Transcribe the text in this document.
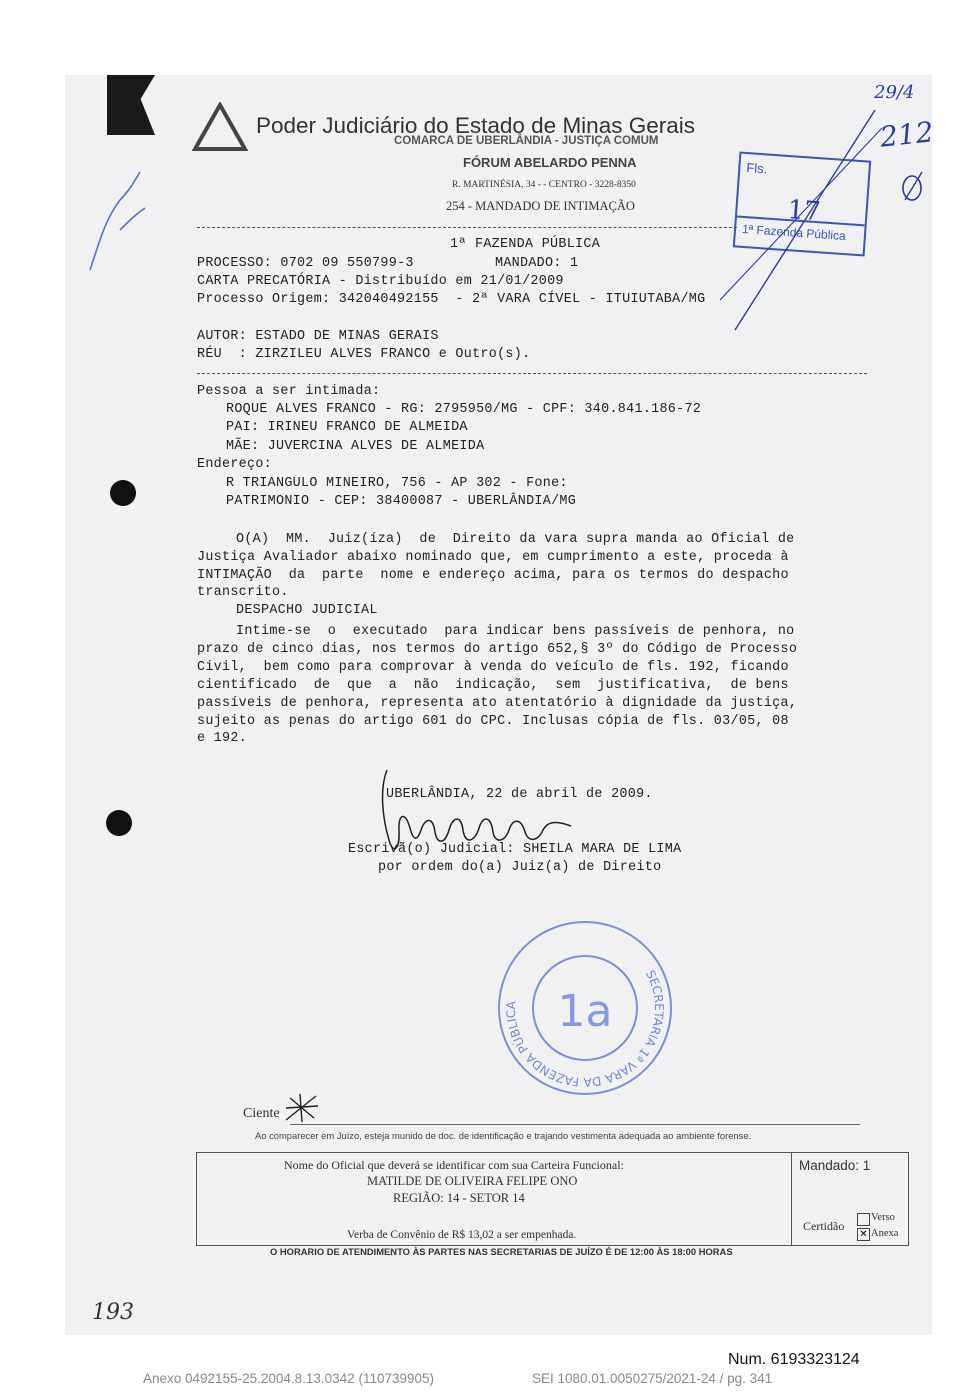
Poder Judiciário do Estado de Minas Gerais
COMARCA DE UBERLÂNDIA - JUSTIÇA COMUM
FÓRUM ABELARDO PENNA
R. MARTINÉSIA, 34 - - CENTRO - 3228-8350
254 - MANDADO DE INTIMAÇÃO

Fls.

17

1ª Fazenda Pública

29/4
212
1ª FAZENDA PÚBLICA
PROCESSO: 0702 09 550799-3	MANDADO: 1
CARTA PRECATÓRIA - Distribuído em 21/01/2009
Processo Origem: 342040492155  - 2ª VARA CÍVEL - ITUIUTABA/MG
AUTOR: ESTADO DE MINAS GERAIS
RÉU  : ZIRZILEU ALVES FRANCO e Outro(s).
Pessoa a ser intimada:
ROQUE ALVES FRANCO - RG: 2795950/MG - CPF: 340.841.186-72
PAI: IRINEU FRANCO DE ALMEIDA
MÃE: JUVERCINA ALVES DE ALMEIDA
Endereço:
R TRIANGULO MINEIRO, 756 - AP 302 - Fone:
PATRIMONIO - CEP: 38400087 - UBERLÂNDIA/MG
O(A)  MM.  Juiz(íza)  de  Direito da vara supra manda ao Oficial de
Justiça Avaliador abaixo nominado que, em cumprimento a este, proceda à
INTIMAÇÃO  da  parte  nome e endereço acima, para os termos do despacho
transcrito.
DESPACHO JUDICIAL
Intime-se  o  executado  para indicar bens passíveis de penhora, no
prazo de cinco dias, nos termos do artigo 652,§ 3º do Código de Processo
Civil,  bem como para comprovar à venda do veículo de fls. 192, ficando
cientificado  de  que  a  não  indicação,  sem  justificativa,  de bens
passíveis de penhora, representa ato atentatório à dignidade da justiça,
sujeito as penas do artigo 601 do CPC. Inclusas cópia de fls. 03/05, 08
e 192.
UBERLÂNDIA, 22 de abril de 2009.
Escrivã(o) Judicial: SHEILA MARA DE LIMA
por ordem do(a) Juiz(a) de Direito
SECRETARIA 1ª VARA DA FAZENDA PÚBLICA 1a
Ciente
Ao comparecer em Juízo, esteja munido de doc. de identificação e trajando vestimenta adequada ao ambiente forense.

Nome do Oficial que deverá se identificar com sua Carteira Funcional:

MATILDE DE OLIVEIRA FELIPE ONO

REGIÃO: 14 - SETOR 14

Verba de Convênio de R$ 13,02 a ser empenhada.

Mandado: 1

Certidão

Verso

✕

Anexa

O HORARIO DE ATENDIMENTO ÀS PARTES NAS SECRETARIAS DE JUÍZO É DE 12:00 ÀS 18:00 HORAS
193
Num. 6193323124
Anexo 0492155-25.2004.8.13.0342 (110739905)	SEI 1080.01.0050275/2021-24 / pg. 341
